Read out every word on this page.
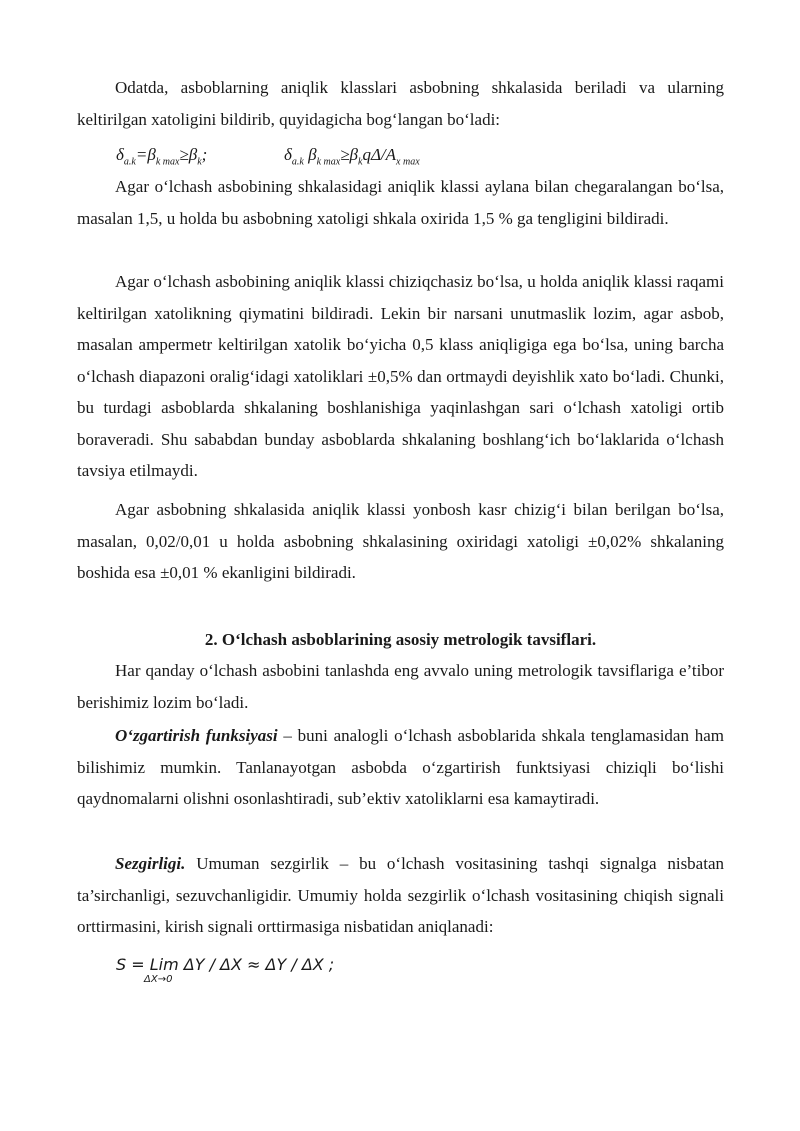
Odatda, asboblarning aniqlik klasslari asbobning shkalasida beriladi va ularning keltirilgan xatoligini bildirib, quyidagicha bog‘langan bo‘ladi:

$\delta_{a.k}=\beta_{k max}\ge\beta_k$;	$\delta_{a.k}$ $\beta_{k max}\ge\beta_kq\Delta/A_{x max}$

Agar o‘lchash asbobining shkalasidagi aniqlik klassi aylana bilan chegaralangan bo‘lsa, masalan 1,5, u holda bu asbobning xatoligi shkala oxirida 1,5 % ga tengligini bildiradi.

Agar o‘lchash asbobining aniqlik klassi chiziqchasiz bo‘lsa, u holda aniqlik klassi raqami keltirilgan xatolikning qiymatini bildiradi. Lekin bir narsani unutmaslik lozim, agar asbob, masalan ampermetr keltirilgan xatolik bo‘yicha 0,5 klass aniqligiga ega bo‘lsa, uning barcha o‘lchash diapazoni oralig‘idagi xatoliklari ±0,5% dan ortmaydi deyishlik xato bo‘ladi. Chunki, bu turdagi asboblarda shkalaning boshlanishiga yaqinlashgan sari o‘lchash xatoligi ortib boraveradi. Shu sababdan bunday asboblarda shkalaning boshlang‘ich bo‘laklarida o‘lchash tavsiya etilmaydi.

Agar asbobning shkalasida aniqlik klassi yonbosh kasr chizig‘i bilan berilgan bo‘lsa, masalan, 0,02/0,01 u holda asbobning shkalasining oxiridagi xatoligi ±0,02% shkalaning boshida esa ±0,01 % ekanligini bildiradi.

2. O‘lchash asboblarining asosiy metrologik tavsiflari.

Har qanday o‘lchash asbobini tanlashda eng avvalo uning metrologik tavsiflariga e’tibor berishimiz lozim bo‘ladi.

O‘zgartirish funksiyasi – buni analogli o‘lchash asboblarida shkala tenglamasidan ham bilishimiz mumkin. Tanlanayotgan asbobda o‘zgartirish funktsiyasi chiziqli bo‘lishi qaydnomalarni olishni osonlashtiradi, sub’ektiv xatoliklarni esa kamaytiradi.

Sezgirligi. Umuman sezgirlik – bu o‘lchash vositasining tashqi signalga nisbatan ta’sirchanligi, sezuvchanligidir. Umumiy holda sezgirlik o‘lchash vositasining chiqish signali orttirmasini, kirish signali orttirmasiga nisbatidan aniqlanadi:

S = Lim ΔY / ΔX ≈ ΔY / ΔX ;
ΔX→0
